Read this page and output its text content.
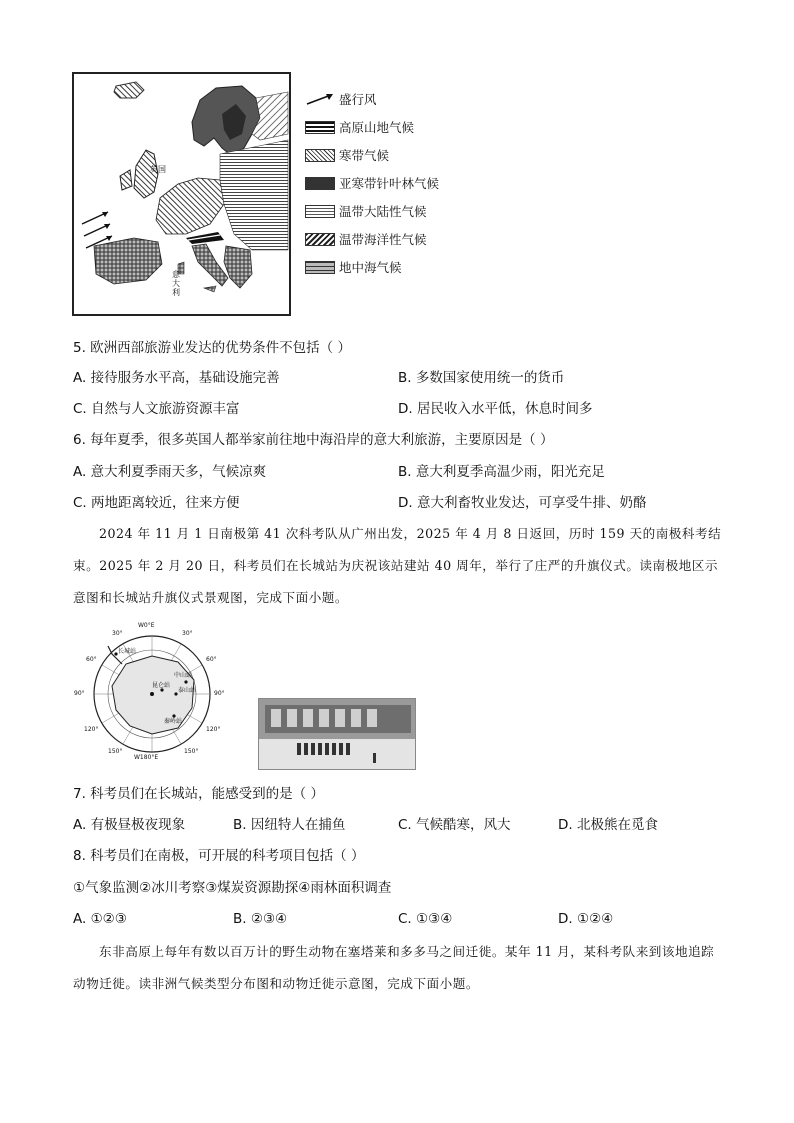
英国
意大利
盛行风
高原山地气候
寒带气候
亚寒带针叶林气候
温带大陆性气候
温带海洋性气候
地中海气候
5. 欧洲西部旅游业发达的优势条件不包括（ ）
A. 接待服务水平高，基础设施完善	B. 多数国家使用统一的货币
C. 自然与人文旅游资源丰富	D. 居民收入水平低，休息时间多
6. 每年夏季，很多英国人都举家前往地中海沿岸的意大利旅游，主要原因是（ ）
A. 意大利夏季雨天多，气候凉爽	B. 意大利夏季高温少雨，阳光充足
C. 两地距离较近，往来方便	D. 意大利畜牧业发达，可享受牛排、奶酪
2024 年 11 月 1 日南极第 41 次科考队从广州出发，2025 年 4 月 8 日返回，历时 159 天的南极科考结束。2025 年 2 月 20 日，科考员们在长城站为庆祝该站建站 40 周年，举行了庄严的升旗仪式。读南极地区示意图和长城站升旗仪式景观图，完成下面小题。
W0°E
W180°E
90°	90°
30°
60°
120°
150°
30°
60°
120°
150°
长城站
中山站
泰山站
昆仑站
秦岭站
7. 科考员们在长城站，能感受到的是（ ）
A. 有极昼极夜现象	B. 因纽特人在捕鱼	C. 气候酷寒，风大	D. 北极熊在觅食
8. 科考员们在南极，可开展的科考项目包括（ ）
①气象监测②冰川考察③煤炭资源勘探④雨林面积调查
A. ①②③	B. ②③④	C. ①③④	D. ①②④
东非高原上每年有数以百万计的野生动物在塞塔莱和多多马之间迁徙。某年 11 月，某科考队来到该地追踪动物迁徙。读非洲气候类型分布图和动物迁徙示意图，完成下面小题。
